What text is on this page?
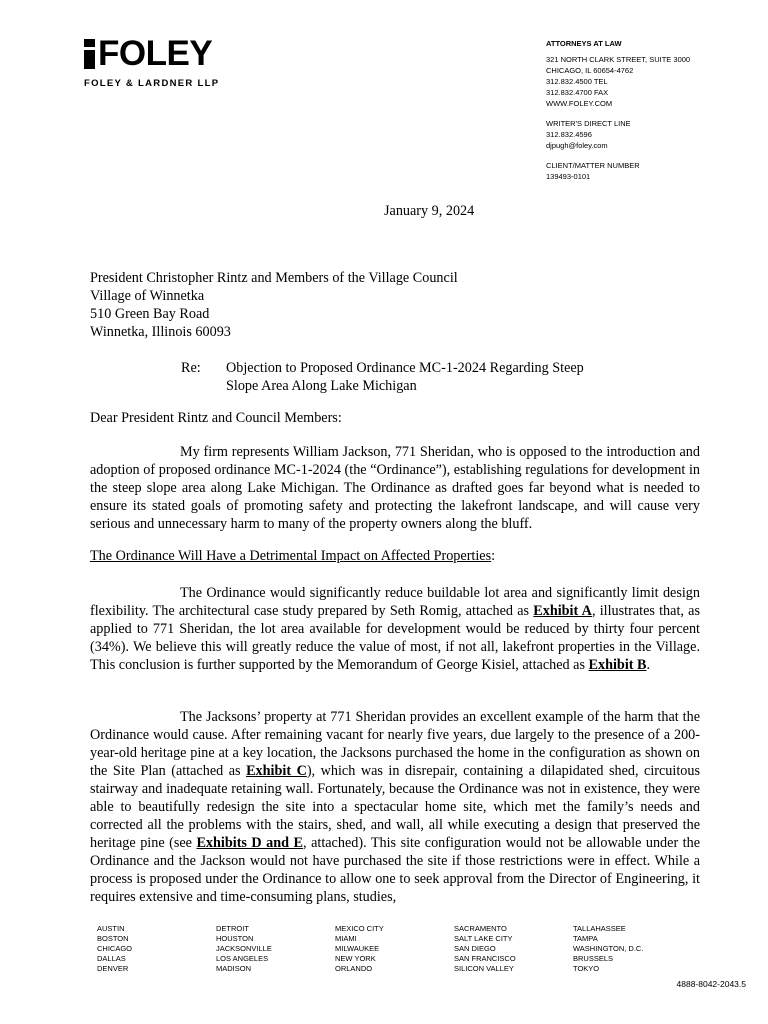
FOLEY
FOLEY & LARDNER LLP
ATTORNEYS AT LAW
321 NORTH CLARK STREET, SUITE 3000
CHICAGO, IL 60654-4762
312.832.4500 TEL
312.832.4700 FAX
WWW.FOLEY.COM
WRITER'S DIRECT LINE
312.832.4596
djpugh@foley.com
CLIENT/MATTER NUMBER
139493-0101
January 9, 2024
President Christopher Rintz and Members of the Village Council
Village of Winnetka
510 Green Bay Road
Winnetka, Illinois 60093
Re: Objection to Proposed Ordinance MC-1-2024 Regarding Steep
Slope Area Along Lake Michigan
Dear President Rintz and Council Members:
My firm represents William Jackson, 771 Sheridan, who is opposed to the introduction and adoption of proposed ordinance MC-1-2024 (the “Ordinance”), establishing regulations for development in the steep slope area along Lake Michigan. The Ordinance as drafted goes far beyond what is needed to ensure its stated goals of promoting safety and protecting the lakefront landscape, and will cause very serious and unnecessary harm to many of the property owners along the bluff.
The Ordinance Will Have a Detrimental Impact on Affected Properties:
The Ordinance would significantly reduce buildable lot area and significantly limit design flexibility. The architectural case study prepared by Seth Romig, attached as Exhibit A, illustrates that, as applied to 771 Sheridan, the lot area available for development would be reduced by thirty four percent (34%). We believe this will greatly reduce the value of most, if not all, lakefront properties in the Village. This conclusion is further supported by the Memorandum of George Kisiel, attached as Exhibit B.
The Jacksons’ property at 771 Sheridan provides an excellent example of the harm that the Ordinance would cause. After remaining vacant for nearly five years, due largely to the presence of a 200-year-old heritage pine at a key location, the Jacksons purchased the home in the configuration as shown on the Site Plan (attached as Exhibit C), which was in disrepair, containing a dilapidated shed, circuitous stairway and inadequate retaining wall. Fortunately, because the Ordinance was not in existence, they were able to beautifully redesign the site into a spectacular home site, which met the family’s needs and corrected all the problems with the stairs, shed, and wall, all while executing a design that preserved the heritage pine (see Exhibits D and E, attached). This site configuration would not be allowable under the Ordinance and the Jackson would not have purchased the site if those restrictions were in effect. While a process is proposed under the Ordinance to allow one to seek approval from the Director of Engineering, it requires extensive and time-consuming plans, studies,
AUSTIN
BOSTON
CHICAGO
DALLAS
DENVER
DETROIT
HOUSTON
JACKSONVILLE
LOS ANGELES
MADISON
MEXICO CITY
MIAMI
MILWAUKEE
NEW YORK
ORLANDO
SACRAMENTO
SALT LAKE CITY
SAN DIEGO
SAN FRANCISCO
SILICON VALLEY
TALLAHASSEE
TAMPA
WASHINGTON, D.C.
BRUSSELS
TOKYO
4888-8042-2043.5
